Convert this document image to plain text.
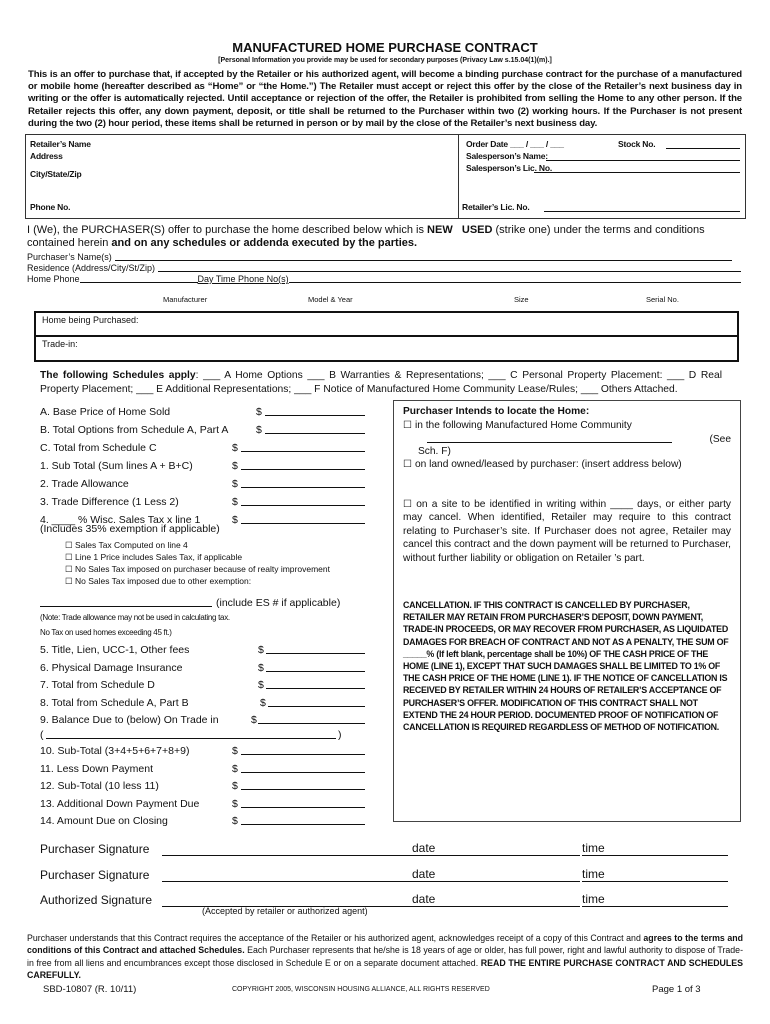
MANUFACTURED HOME PURCHASE CONTRACT
[Personal Information you provide may be used for secondary purposes (Privacy Law s.15.04(1)(m).]
This is an offer to purchase that, if accepted by the Retailer or his authorized agent, will become a binding purchase contract for the purchase of a manufactured or mobile home (hereafter described as “Home” or “the Home.”) The Retailer must accept or reject this offer by the close of the Retailer’s next business day in writing or the offer is automatically rejected. Until acceptance or rejection of the offer, the Retailer is prohibited from selling the Home to any other person. If the Retailer rejects this offer, any down payment, deposit, or title shall be returned to the Purchaser within two (2) working hours. If the Purchaser is not present during the two (2) hour period, these items shall be returned in person or by mail by the close of the Retailer’s next business day.
Retailer’s Name
Address
City/State/Zip
Phone No.
Order Date ___ / ___ / ___	Stock No.
Salesperson’s Name:
Salesperson’s Lic. No.
Retailer’s Lic. No.
I (We), the PURCHASER(S) offer to purchase the home described below which is NEW USED (strike one) under the terms and conditions contained herein and on any schedules or addenda executed by the parties.
Purchaser’s Name(s)
Residence (Address/City/St/Zip)
Home Phone	Day Time Phone No(s)
Manufacturer	Model & Year	Size	Serial No.
Home being Purchased:
Trade-in:
The following Schedules apply: ___ A Home Options ___ B Warranties & Representations; ___ C Personal Property Placement: ___ D Real Property Placement; ___ E Additional Representations; ___ F Notice of Manufactured Home Community Lease/Rules; ___ Others Attached.
A. Base Price of Home Sold	$
B. Total Options from Schedule A, Part A	$
C. Total from Schedule C	$
1. Sub Total (Sum lines A + B+C)	$
2. Trade Allowance	$
3. Trade Difference (1 Less 2)	$
4. ____ % Wisc. Sales Tax x line 1	$
(Includes 35% exemption if applicable)
☐ Sales Tax Computed on line 4
☐ Line 1 Price includes Sales Tax, if applicable
☐ No Sales Tax imposed on purchaser because of realty improvement
☐ No Sales Tax imposed due to other exemption:
(include ES # if applicable)
(Note: Trade allowance may not be used in calculating tax.
No Tax on used homes exceeding 45 ft.)
5. Title, Lien, UCC-1, Other fees	$
6. Physical Damage Insurance	$
7. Total from Schedule D	$
8. Total from Schedule A, Part B	$
9. Balance Due to (below) On Trade in	$
(	)
10. Sub-Total (3+4+5+6+7+8+9)	$
11. Less Down Payment	$
12. Sub-Total (10 less 11)	$
13. Additional Down Payment Due	$
14. Amount Due on Closing	$
Purchaser Intends to locate the Home:
☐ in the following Manufactured Home Community
(See
Sch. F)
☐ on land owned/leased by purchaser: (insert address below)
☐ on a site to be identified in writing within ____ days, or either party may cancel. When identified, Retailer may require to this contract relating to Purchaser’s site. If Purchaser does not agree, Retailer may cancel this contract and the down payment will be returned to Purchaser, without further liability or obligation on Retailer ’s part.
CANCELLATION. IF THIS CONTRACT IS CANCELLED BY PURCHASER, RETAILER MAY RETAIN FROM PURCHASER’S DEPOSIT, DOWN PAYMENT, TRADE-IN PROCEEDS, OR MAY RECOVER FROM PURCHASER, AS LIQUIDATED DAMAGES FOR BREACH OF CONTRACT AND NOT AS A PENALTY, THE SUM OF _____% (If left blank, percentage shall be 10%) OF THE CASH PRICE OF THE HOME (LINE 1), EXCEPT THAT SUCH DAMAGES SHALL BE LIMITED TO 1% OF THE CASH PRICE OF THE HOME (LINE 1). IF THE NOTICE OF CANCELLATION IS RECEIVED BY RETAILER WITHIN 24 HOURS OF RETAILER’S ACCEPTANCE OF PURCHASER’S OFFER. MODIFICATION OF THIS CONTRACT SHALL NOT EXTEND THE 24 HOUR PERIOD. DOCUMENTED PROOF OF NOTIFICATION OF CANCELLATION IS REQUIRED REGARDLESS OF METHOD OF NOTIFICATION.
Purchaser Signature	date	time
Purchaser Signature	date	time
Authorized Signature	date	time
(Accepted by retailer or authorized agent)
Purchaser understands that this Contract requires the acceptance of the Retailer or his authorized agent, acknowledges receipt of a copy of this Contract and agrees to the terms and conditions of this Contract and attached Schedules. Each Purchaser represents that he/she is 18 years of age or older, has full power, right and lawful authority to dispose of Trade-in free from all liens and encumbrances except those disclosed in Schedule E or on a separate document attached. READ THE ENTIRE PURCHASE CONTRACT AND SCHEDULES CAREFULLY.
SBD-10807 (R. 10/11)	COPYRIGHT 2005, WISCONSIN HOUSING ALLIANCE, ALL RIGHTS RESERVED	Page 1 of 3
